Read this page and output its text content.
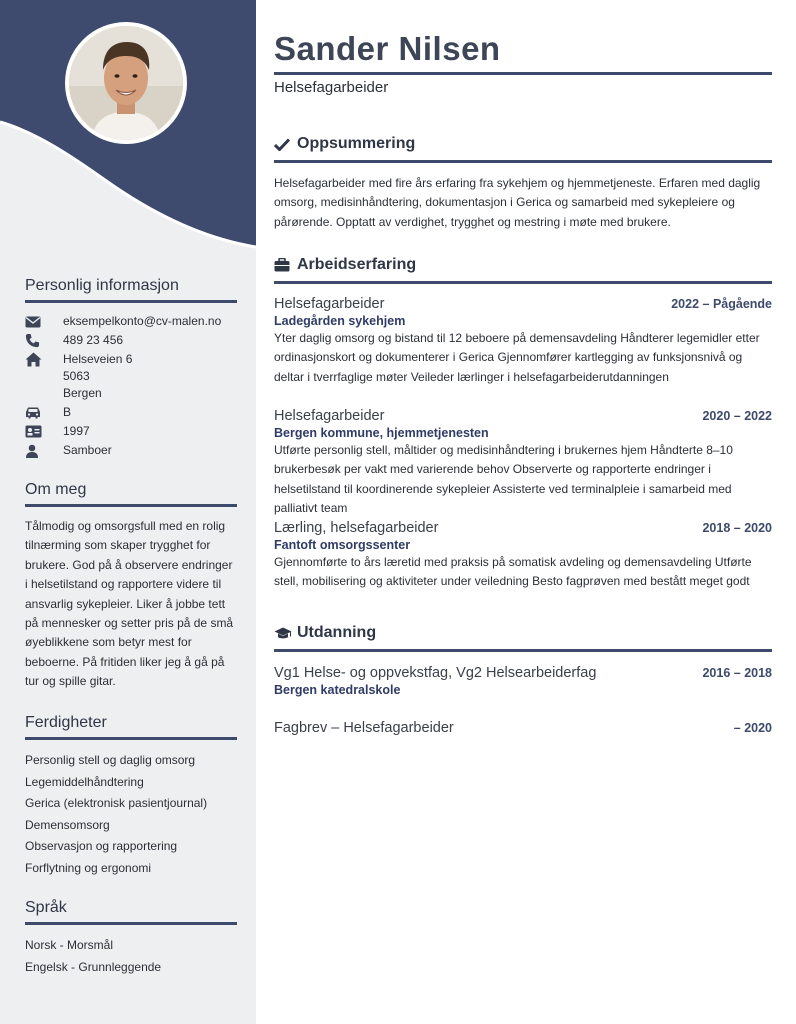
Personlig informasjon
eksempelkonto@cv-malen.no
489 23 456
Helseveien 6
5063
Bergen
B
1997
Samboer
Om meg
Tålmodig og omsorgsfull med en rolig tilnærming som skaper trygghet for brukere. God på å observere endringer i helsetilstand og rapportere videre til ansvarlig sykepleier. Liker å jobbe tett på mennesker og setter pris på de små øyeblikkene som betyr mest for beboerne. På fritiden liker jeg å gå på tur og spille gitar.
Ferdigheter
Personlig stell og daglig omsorg
Legemiddelhåndtering
Gerica (elektronisk pasientjournal)
Demensomsorg
Observasjon og rapportering
Forflytning og ergonomi
Språk
Norsk - Morsmål
Engelsk - Grunnleggende
Sander Nilsen
Helsefagarbeider
Oppsummering
Helsefagarbeider med fire års erfaring fra sykehjem og hjemmetjeneste. Erfaren med daglig omsorg, medisinhåndtering, dokumentasjon i Gerica og samarbeid med sykepleiere og pårørende. Opptatt av verdighet, trygghet og mestring i møte med brukere.
Arbeidserfaring
Helsefagarbeider	2022 – Pågående
Ladegården sykehjem
Yter daglig omsorg og bistand til 12 beboere på demensavdeling Håndterer legemidler etter ordinasjonskort og dokumenterer i Gerica Gjennomfører kartlegging av funksjonsnivå og deltar i tverrfaglige møter Veileder lærlinger i helsefagarbeiderutdanningen
Helsefagarbeider	2020 – 2022
Bergen kommune, hjemmetjenesten
Utførte personlig stell, måltider og medisinhåndtering i brukernes hjem Håndterte 8–10 brukerbesøk per vakt med varierende behov Observerte og rapporterte endringer i helsetilstand til koordinerende sykepleier Assisterte ved terminalpleie i samarbeid med palliativt team
Lærling, helsefagarbeider	2018 – 2020
Fantoft omsorgssenter
Gjennomførte to års læretid med praksis på somatisk avdeling og demensavdeling Utførte stell, mobilisering og aktiviteter under veiledning Besto fagprøven med bestått meget godt
Utdanning
Vg1 Helse- og oppvekstfag, Vg2 Helsearbeiderfag	2016 – 2018
Bergen katedralskole
Fagbrev – Helsefagarbeider	– 2020
